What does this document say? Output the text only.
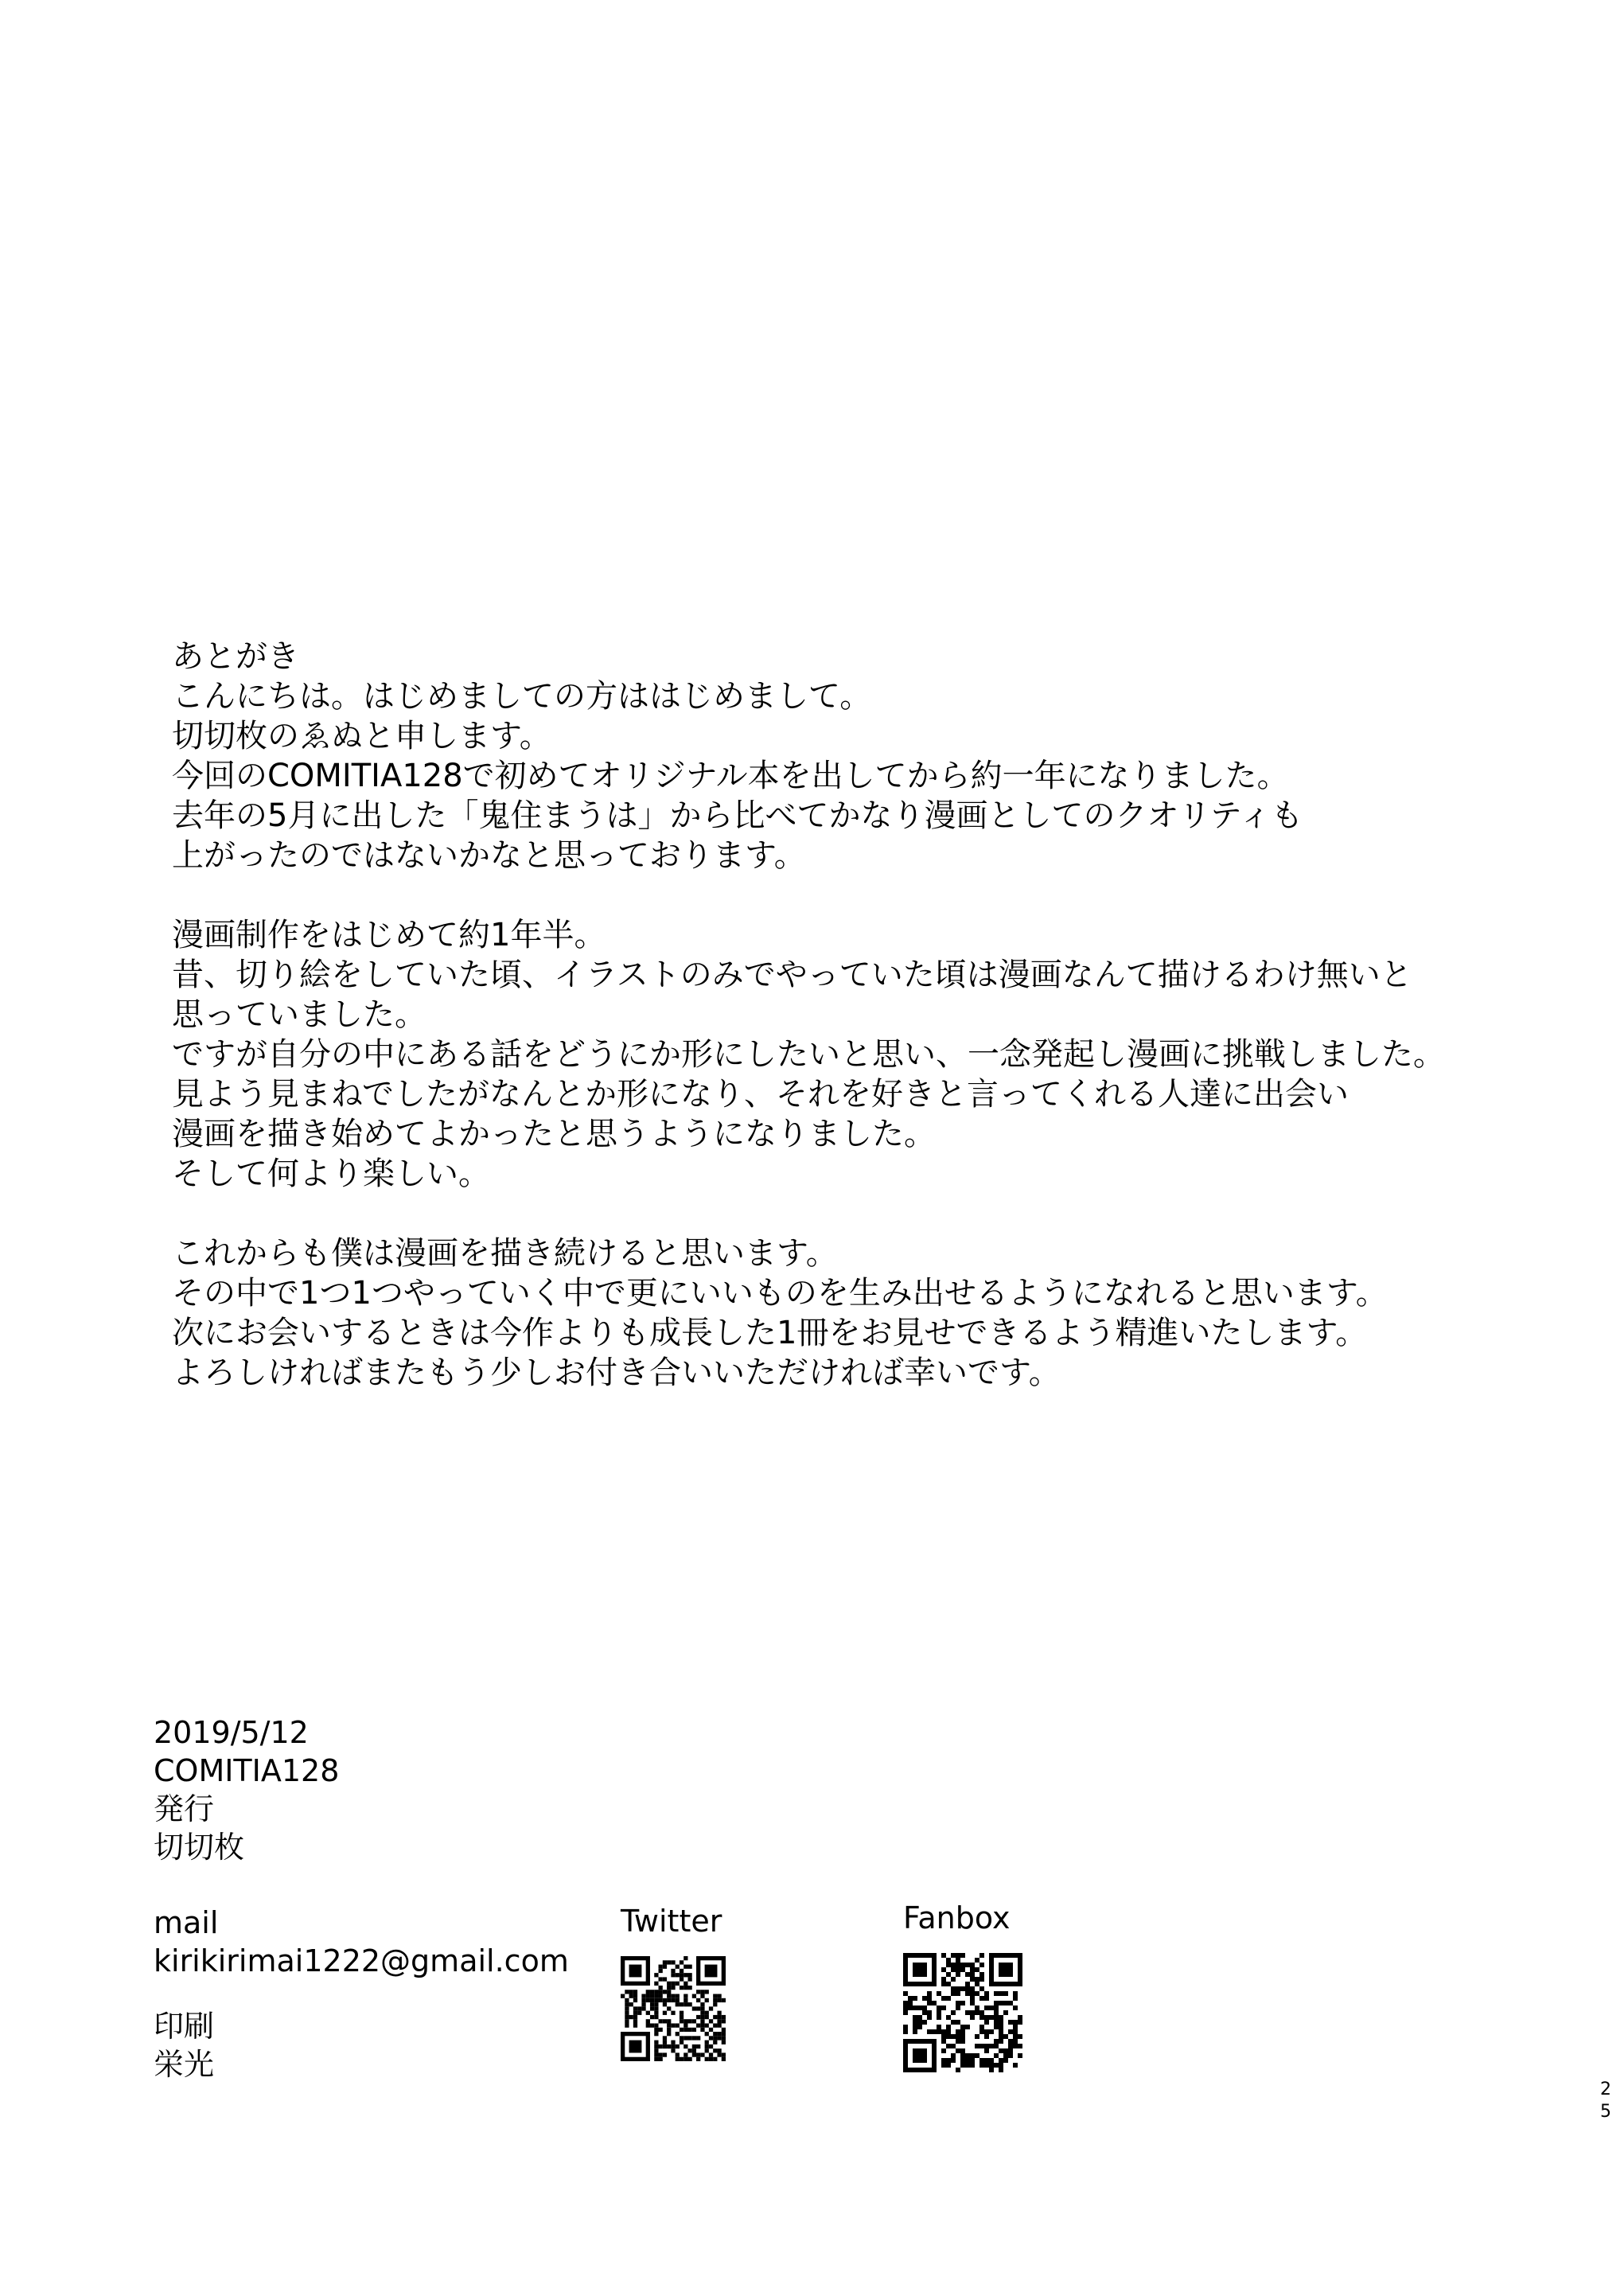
あとがき
こんにちは。はじめましての方ははじめまして。
切切枚のゑぬと申します。
今回のCOMITIA128で初めてオリジナル本を出してから約一年になりました。
去年の5月に出した「鬼住まうは」から比べてかなり漫画としてのクオリティも
上がったのではないかなと思っております。
漫画制作をはじめて約1年半。
昔、切り絵をしていた頃、イラストのみでやっていた頃は漫画なんて描けるわけ無いと
思っていました。
ですが自分の中にある話をどうにか形にしたいと思い、一念発起し漫画に挑戦しました。
見よう見まねでしたがなんとか形になり、それを好きと言ってくれる人達に出会い
漫画を描き始めてよかったと思うようになりました。
そして何より楽しい。
これからも僕は漫画を描き続けると思います。
その中で1つ1つやっていく中で更にいいものを生み出せるようになれると思います。
次にお会いするときは今作よりも成長した1冊をお見せできるよう精進いたします。
よろしければまたもう少しお付き合いいただければ幸いです。
2019/5/12
COMITIA128
発行
切切枚
mail
kirikirimai1222@gmail.com
印刷
栄光
Twitter	Fanbox
2
5
